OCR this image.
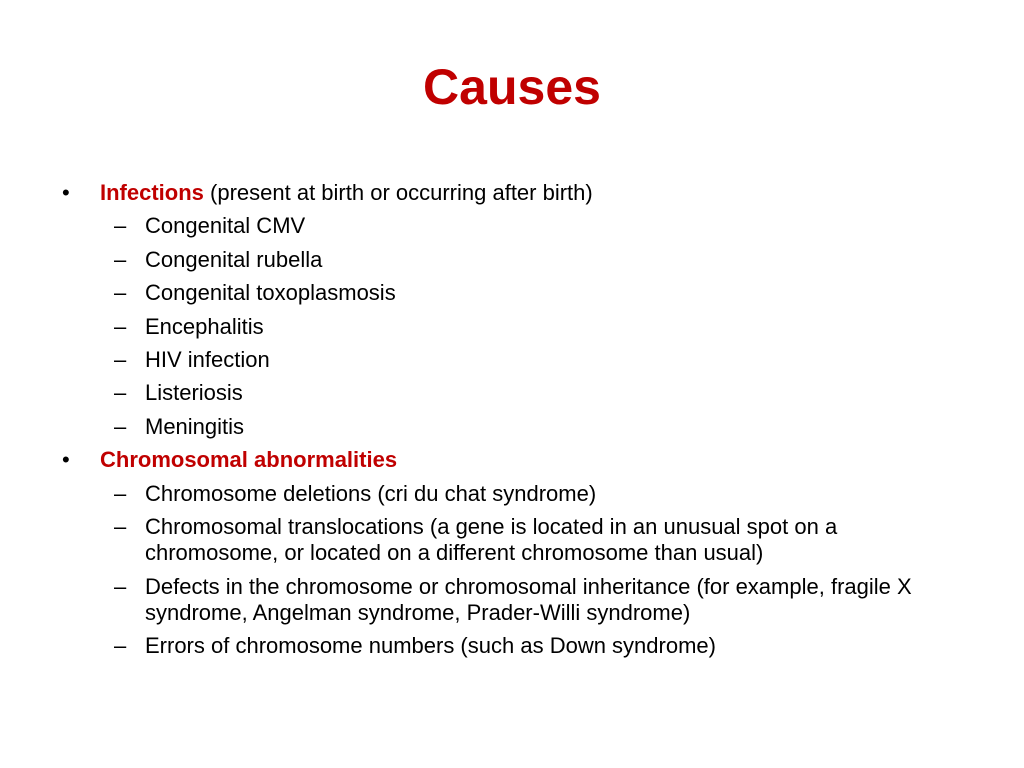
Causes
• Infections (present at birth or occurring after birth)
– Congenital CMV
– Congenital rubella
– Congenital toxoplasmosis
– Encephalitis
– HIV infection
– Listeriosis
– Meningitis
• Chromosomal abnormalities
– Chromosome deletions (cri du chat syndrome)
– Chromosomal translocations (a gene is located in an unusual spot on a chromosome, or located on a different chromosome than usual)
– Defects in the chromosome or chromosomal inheritance (for example, fragile X syndrome, Angelman syndrome, Prader-Willi syndrome)
– Errors of chromosome numbers (such as Down syndrome)
